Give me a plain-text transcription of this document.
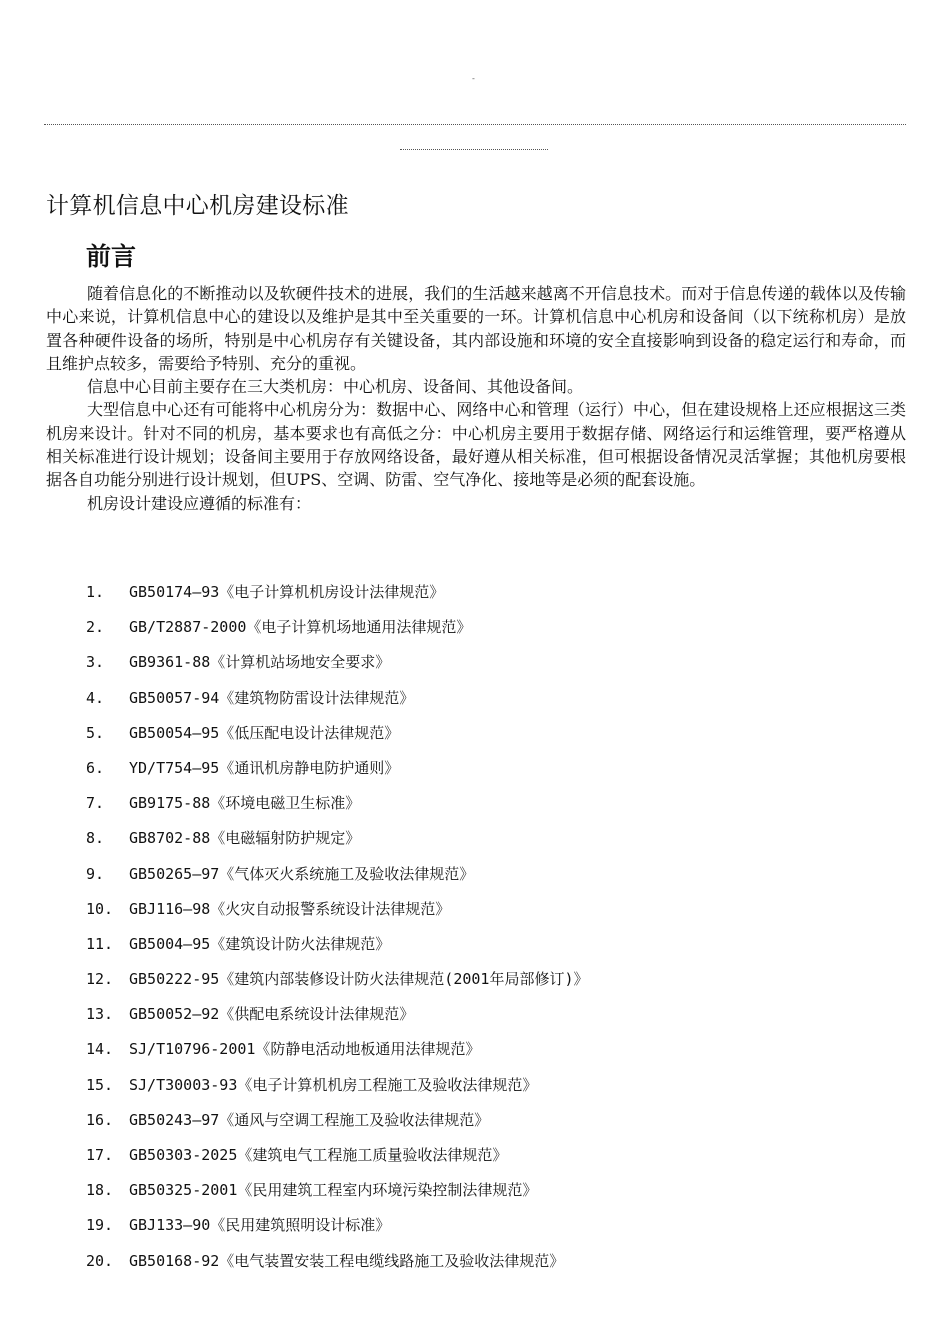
-
计算机信息中心机房建设标准
前言

随着信息化的不断推动以及软硬件技术的进展，我们的生活越来越离不开信息技术。而对于信息传递的载体以及传输中心来说，计算机信息中心的建设以及维护是其中至关重要的一环。计算机信息中心机房和设备间（以下统称机房）是放置各种硬件设备的场所，特别是中心机房存有关键设备，其内部设施和环境的安全直接影响到设备的稳定运行和寿命，而且维护点较多，需要给予特别、充分的重视。

信息中心目前主要存在三大类机房：中心机房、设备间、其他设备间。

大型信息中心还有可能将中心机房分为：数据中心、网络中心和管理（运行）中心，但在建设规格上还应根据这三类机房来设计。针对不同的机房，基本要求也有高低之分：中心机房主要用于数据存储、网络运行和运维管理，要严格遵从相关标准进行设计规划；设备间主要用于存放网络设备，最好遵从相关标准，但可根据设备情况灵活掌握；其他机房要根据各自功能分别进行设计规划，但UPS、空调、防雷、空气净化、接地等是必须的配套设施。

机房设计建设应遵循的标准有：

1. GB50174—93《电子计算机机房设计法律规范》
2. GB/T2887-2000《电子计算机场地通用法律规范》
3. GB9361-88《计算机站场地安全要求》
4. GB50057-94《建筑物防雷设计法律规范》
5. GB50054—95《低压配电设计法律规范》
6. YD/T754—95《通讯机房静电防护通则》
7. GB9175-88《环境电磁卫生标准》
8. GB8702-88《电磁辐射防护规定》
9. GB50265—97《气体灭火系统施工及验收法律规范》
10. GBJ116—98《火灾自动报警系统设计法律规范》
11. GB5004—95《建筑设计防火法律规范》
12. GB50222-95《建筑内部装修设计防火法律规范(2001年局部修订)》
13. GB50052—92《供配电系统设计法律规范》
14. SJ/T10796-2001《防静电活动地板通用法律规范》
15. SJ/T30003-93《电子计算机机房工程施工及验收法律规范》
16. GB50243—97《通风与空调工程施工及验收法律规范》
17. GB50303-2025《建筑电气工程施工质量验收法律规范》
18. GB50325-2001《民用建筑工程室内环境污染控制法律规范》
19. GBJ133—90《民用建筑照明设计标准》
20. GB50168-92《电气装置安装工程电缆线路施工及验收法律规范》
